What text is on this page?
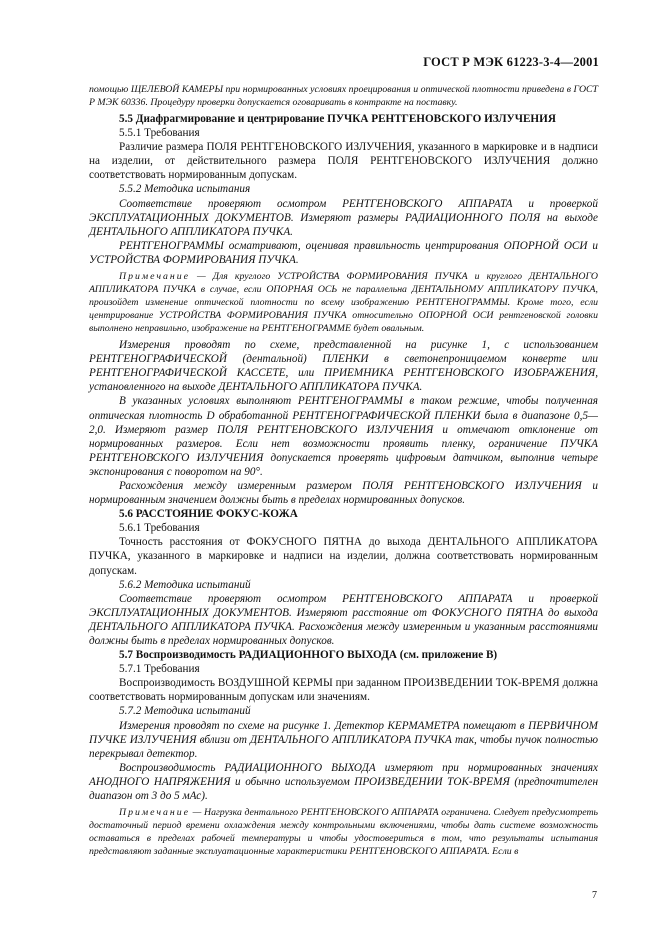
ГОСТ Р МЭК 61223-3-4—2001

помощью ЩЕЛЕВОЙ КАМЕРЫ при нормированных условиях проецирования и оптической плотности приведена в ГОСТ Р МЭК 60336. Процедуру проверки допускается оговаривать в контракте на поставку.

5.5 Диафрагмирование и центрирование ПУЧКА РЕНТГЕНОВСКОГО ИЗЛУЧЕНИЯ

5.5.1 Требования

Различие размера ПОЛЯ РЕНТГЕНОВСКОГО ИЗЛУЧЕНИЯ, указанного в маркировке и в надписи на изделии, от действительного размера ПОЛЯ РЕНТГЕНОВСКОГО ИЗЛУЧЕНИЯ должно соответствовать нормированным допускам.

5.5.2 Методика испытания

Соответствие проверяют осмотром РЕНТГЕНОВСКОГО АППАРАТА и проверкой ЭКСПЛУАТАЦИОННЫХ ДОКУМЕНТОВ. Измеряют размеры РАДИАЦИОННОГО ПОЛЯ на выходе ДЕНТАЛЬНОГО АППЛИКАТОРА ПУЧКА.

РЕНТГЕНОГРАММЫ осматривают, оценивая правильность центрирования ОПОРНОЙ ОСИ и УСТРОЙСТВА ФОРМИРОВАНИЯ ПУЧКА.

Примечание — Для круглого УСТРОЙСТВА ФОРМИРОВАНИЯ ПУЧКА и круглого ДЕНТАЛЬНОГО АППЛИКАТОРА ПУЧКА в случае, если ОПОРНАЯ ОСЬ не параллельна ДЕНТАЛЬНОМУ АППЛИКАТОРУ ПУЧКА, произойдет изменение оптической плотности по всему изображению РЕНТГЕНОГРАММЫ. Кроме того, если центрирование УСТРОЙСТВА ФОРМИРОВАНИЯ ПУЧКА относительно ОПОРНОЙ ОСИ рентгеновской головки выполнено неправильно, изображение на РЕНТГЕНОГРАММЕ будет овальным.

Измерения проводят по схеме, представленной на рисунке 1, с использованием РЕНТГЕНОГРАФИЧЕСКОЙ (дентальной) ПЛЕНКИ в светонепроницаемом конверте или РЕНТГЕНОГРАФИЧЕСКОЙ КАССЕТЕ, или ПРИЕМНИКА РЕНТГЕНОВСКОГО ИЗОБРАЖЕНИЯ, установленного на выходе ДЕНТАЛЬНОГО АППЛИКАТОРА ПУЧКА.

В указанных условиях выполняют РЕНТГЕНОГРАММЫ в таком режиме, чтобы полученная оптическая плотность D обработанной РЕНТГЕНОГРАФИЧЕСКОЙ ПЛЕНКИ была в диапазоне 0,5—2,0. Измеряют размер ПОЛЯ РЕНТГЕНОВСКОГО ИЗЛУЧЕНИЯ и отмечают отклонение от нормированных размеров. Если нет возможности проявить пленку, ограничение ПУЧКА РЕНТГЕНОВСКОГО ИЗЛУЧЕНИЯ допускается проверять цифровым датчиком, выполнив четыре экспонирования с поворотом на 90°.

Расхождения между измеренным размером ПОЛЯ РЕНТГЕНОВСКОГО ИЗЛУЧЕНИЯ и нормированным значением должны быть в пределах нормированных допусков.

5.6 РАССТОЯНИЕ ФОКУС-КОЖА

5.6.1 Требования

Точность расстояния от ФОКУСНОГО ПЯТНА до выхода ДЕНТАЛЬНОГО АППЛИКАТОРА ПУЧКА, указанного в маркировке и надписи на изделии, должна соответствовать нормированным допускам.

5.6.2 Методика испытаний

Соответствие проверяют осмотром РЕНТГЕНОВСКОГО АППАРАТА и проверкой ЭКСПЛУАТАЦИОННЫХ ДОКУМЕНТОВ. Измеряют расстояние от ФОКУСНОГО ПЯТНА до выхода ДЕНТАЛЬНОГО АППЛИКАТОРА ПУЧКА. Расхождения между измеренным и указанным расстояниями должны быть в пределах нормированных допусков.

5.7 Воспроизводимость РАДИАЦИОННОГО ВЫХОДА (см. приложение В)

5.7.1 Требования

Воспроизводимость ВОЗДУШНОЙ КЕРМЫ при заданном ПРОИЗВЕДЕНИИ ТОК-ВРЕМЯ должна соответствовать нормированным допускам или значениям.

5.7.2 Методика испытаний

Измерения проводят по схеме на рисунке 1. Детектор КЕРМАМЕТРА помещают в ПЕРВИЧНОМ ПУЧКЕ ИЗЛУЧЕНИЯ вблизи от ДЕНТАЛЬНОГО АППЛИКАТОРА ПУЧКА так, чтобы пучок полностью перекрывал детектор.

Воспроизводимость РАДИАЦИОННОГО ВЫХОДА измеряют при нормированных значениях АНОДНОГО НАПРЯЖЕНИЯ и обычно используемом ПРОИЗВЕДЕНИИ ТОК-ВРЕМЯ (предпочтителен диапазон от 3 до 5 мАс).

Примечание — Нагрузка дентального РЕНТГЕНОВСКОГО АППАРАТА ограничена. Следует предусмотреть достаточный период времени охлаждения между контрольными включениями, чтобы дать системе возможность оставаться в пределах рабочей температуры и чтобы удостовериться в том, что результаты испытания представляют заданные эксплуатационные характеристики РЕНТГЕНОВСКОГО АППАРАТА. Если в

7
